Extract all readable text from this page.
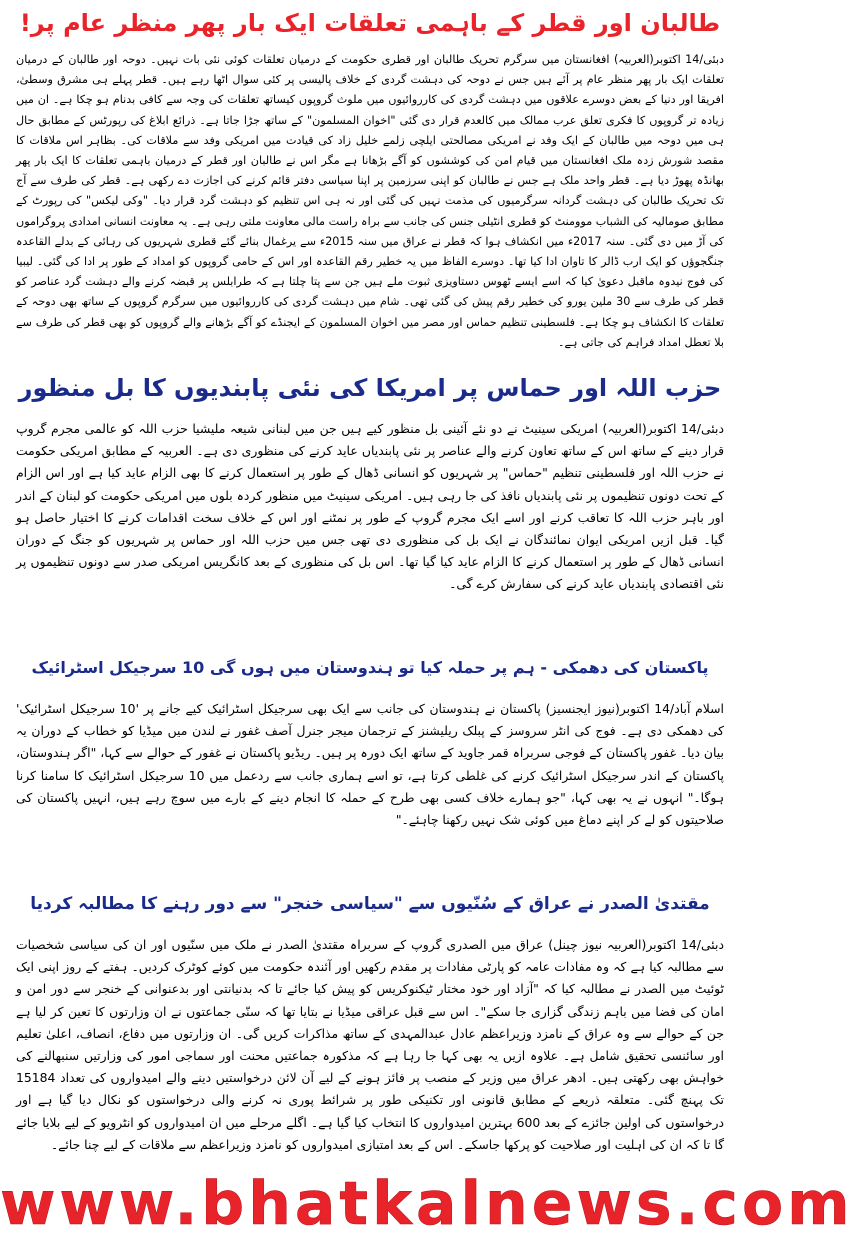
طالبان اور قطر کے باہمی تعلقات ایک بار پھر منظر عام پر!

دبئی/14 اکتوبر(العربیہ) افغانستان میں سرگرم تحریک طالبان اور قطری حکومت کے درمیان تعلقات کوئی نئی بات نہیں۔ دوحہ اور طالبان کے درمیان تعلقات ایک بار پھر منظر عام پر آئے ہیں جس نے دوحہ کی دہشت گردی کے خلاف پالیسی پر کئی سوال اٹھا رہے ہیں۔ قطر پہلے ہی مشرق وسطیٰ، افریقا اور دنیا کے بعض دوسرے علاقوں میں دہشت گردی کی کارروائیوں میں ملوث گروپوں کیساتھ تعلقات کی وجہ سے کافی بدنام ہو چکا ہے۔ ان میں زیادہ تر گروپوں کا فکری تعلق عرب ممالک میں کالعدم قرار دی گئی "اخوان المسلمون" کے ساتھ جڑا جاتا ہے۔ ذرائع ابلاغ کی رپورٹس کے مطابق حال ہی میں دوحہ میں طالبان کے ایک وفد نے امریکی مصالحتی ایلچی زلمے خلیل زاد کی قیادت میں امریکی وفد سے ملاقات کی۔ بظاہر اس ملاقات کا مقصد شورش زدہ ملک افغانستان میں قیام امن کی کوششوں کو آگے بڑھانا ہے مگر اس نے طالبان اور قطر کے درمیان باہمی تعلقات کا ایک بار پھر بھانڈہ پھوڑ دیا ہے۔ قطر واحد ملک ہے جس نے طالبان کو اپنی سرزمین پر اپنا سیاسی دفتر قائم کرنے کی اجازت دے رکھی ہے۔ قطر کی طرف سے آج تک تحریک طالبان کی دہشت گردانہ سرگرمیوں کی مذمت نہیں کی گئی اور نہ ہی اس تنظیم کو دہشت گرد قرار دیا۔ "وکی لیکس" کی رپورٹ کے مطابق صومالیہ کی الشباب موومنٹ کو قطری انٹیلی جنس کی جانب سے براہ راست مالی معاونت ملتی رہی ہے۔ یہ معاونت انسانی امدادی پروگراموں کی آڑ میں دی گئی۔ سنہ 2017ء میں انکشاف ہوا کہ قطر نے عراق میں سنہ 2015ء سے یرغمال بنائے گئے قطری شہریوں کی رہائی کے بدلے القاعدہ جنگجوؤں کو ایک ارب ڈالر کا تاوان ادا کیا تھا۔ دوسرے الفاظ میں یہ خطیر رقم القاعدہ اور اس کے حامی گروپوں کو امداد کے طور پر ادا کی گئی۔ لیبیا کی فوج نیدوہ ماقبل دعویٰ کیا کہ اسے ایسے ٹھوس دستاویزی ثبوت ملے ہیں جن سے پتا چلتا ہے کہ طرابلس پر قبضہ کرنے والے دہشت گرد عناصر کو قطر کی طرف سے 30 ملین یورو کی خطیر رقم پیش کی گئی تھی۔ شام میں دہشت گردی کی کارروائیوں میں سرگرم گروپوں کے ساتھ بھی دوحہ کے تعلقات کا انکشاف ہو چکا ہے۔ فلسطینی تنظیم حماس اور مصر میں اخوان المسلمون کے ایجنڈے کو آگے بڑھانے والے گروپوں کو بھی قطر کی طرف سے بلا تعطل امداد فراہم کی جاتی ہے۔

حزب اللہ اور حماس پر امریکا کی نئی پابندیوں کا بل منظور

دبئی/14 اکتوبر(العربیہ) امریکی سینیٹ نے دو نئے آئینی بل منظور کیے ہیں جن میں لبنانی شیعہ ملیشیا حزب اللہ کو عالمی مجرم گروپ قرار دینے کے ساتھ اس کے ساتھ تعاون کرنے والے عناصر پر نئی پابندیاں عاید کرنے کی منظوری دی ہے۔ العربیہ کے مطابق امریکی حکومت نے حزب اللہ اور فلسطینی تنظیم "حماس" پر شہریوں کو انسانی ڈھال کے طور پر استعمال کرنے کا بھی الزام عاید کیا ہے اور اس الزام کے تحت دونوں تنظیموں پر نئی پابندیاں نافذ کی جا رہی ہیں۔ امریکی سینیٹ میں منظور کردہ بلوں میں امریکی حکومت کو لبنان کے اندر اور باہر حزب اللہ کا تعاقب کرنے اور اسے ایک مجرم گروپ کے طور پر نمٹنے اور اس کے خلاف سخت اقدامات کرنے کا اختیار حاصل ہو گیا۔ قبل ازیں امریکی ایوان نمائندگان نے ایک بل کی منظوری دی تھی جس میں حزب اللہ اور حماس پر شہریوں کو جنگ کے دوران انسانی ڈھال کے طور پر استعمال کرنے کا الزام عاید کیا گیا تھا۔ اس بل کی منظوری کے بعد کانگریس امریکی صدر سے دونوں تنظیموں پر نئی اقتصادی پابندیاں عاید کرنے کی سفارش کرے گی۔

پاکستان کی دھمکی - ہم پر حملہ کیا تو ہندوستان میں ہوں گی 10 سرجیکل اسٹرائیک

اسلام آباد/14 اکتوبر(نیوز ایجنسیز) پاکستان نے ہندوستان کی جانب سے ایک بھی سرجیکل اسٹرائیک کیے جانے پر '10 سرجیکل اسٹرائیک' کی دھمکی دی ہے۔ فوج کی انٹر سروسز کے پبلک ریلیشنز کے ترجمان میجر جنرل آصف غفور نے لندن میں میڈیا کو خطاب کے دوران یہ بیان دیا۔ غفور پاکستان کے فوجی سربراہ قمر جاوید کے ساتھ ایک دورہ پر ہیں۔ ریڈیو پاکستان نے غفور کے حوالے سے کہا، "اگر ہندوستان، پاکستان کے اندر سرجیکل اسٹرائیک کرنے کی غلطی کرتا ہے، تو اسے ہماری جانب سے ردعمل میں 10 سرجیکل اسٹرائیک کا سامنا کرنا ہوگا۔" انہوں نے یہ بھی کہا، "جو ہمارے خلاف کسی بھی طرح کے حملہ کا انجام دینے کے بارے میں سوچ رہے ہیں، انہیں پاکستان کی صلاحیتوں کو لے کر اپنے دماغ میں کوئی شک نہیں رکھنا چاہئے۔"

مقتدیٰ الصدر نے عراق کے سُنّیوں سے "سیاسی خنجر" سے دور رہنے کا مطالبہ کردیا

دبئی/14 اکتوبر(العربیہ نیوز چینل) عراق میں الصدری گروپ کے سربراہ مقتدیٰ الصدر نے ملک میں سنّیوں اور ان کی سیاسی شخصیات سے مطالبہ کیا ہے کہ وہ مفادات عامہ کو پارٹی مفادات پر مقدم رکھیں اور آئندہ حکومت میں کوئے کوٹرک کردیں۔ ہفتے کے روز اپنی ایک ٹوئیٹ میں الصدر نے مطالبہ کیا کہ "آزاد اور خود مختار ٹیکنوکریس کو پیش کیا جائے تا کہ بدنیانتی اور بدعنوانی کے خنجر سے دور امن و امان کی فضا میں باہم زندگی گزاری جا سکے"۔ اس سے قبل عراقی میڈیا نے بتایا تھا کہ سنّی جماعتوں نے ان وزارتوں کا تعین کر لیا ہے جن کے حوالے سے وہ عراق کے نامزد وزیراعظم عادل عبدالمہدی کے ساتھ مذاکرات کریں گی۔ ان وزارتوں میں دفاع، انصاف، اعلیٰ تعلیم اور سائنسی تحقیق شامل ہے۔ علاوہ ازیں یہ بھی کہا جا رہا ہے کہ مذکورہ جماعتیں محنت اور سماجی امور کی وزارتیں سنبھالنے کی خواہش بھی رکھتی ہیں۔ ادھر عراق میں وزیر کے منصب پر فائز ہونے کے لیے آن لائن درخواستیں دینے والے امیدواروں کی تعداد 15184 تک پہنچ گئی۔ متعلقہ ذریعے کے مطابق قانونی اور تکنیکی طور پر شرائط پوری نہ کرنے والی درخواستوں کو نکال دیا گیا ہے اور درخواستوں کی اولین جائزے کے بعد 600 بہترین امیدواروں کا انتخاب کیا گیا ہے۔ اگلے مرحلے میں ان امیدواروں کو انٹرویو کے لیے بلایا جائے گا تا کہ ان کی اہلیت اور صلاحیت کو پرکھا جاسکے۔ اس کے بعد امتیازی امیدواروں کو نامزد وزیراعظم سے ملاقات کے لیے چنا جائے۔

www.bhatkalnews.com
